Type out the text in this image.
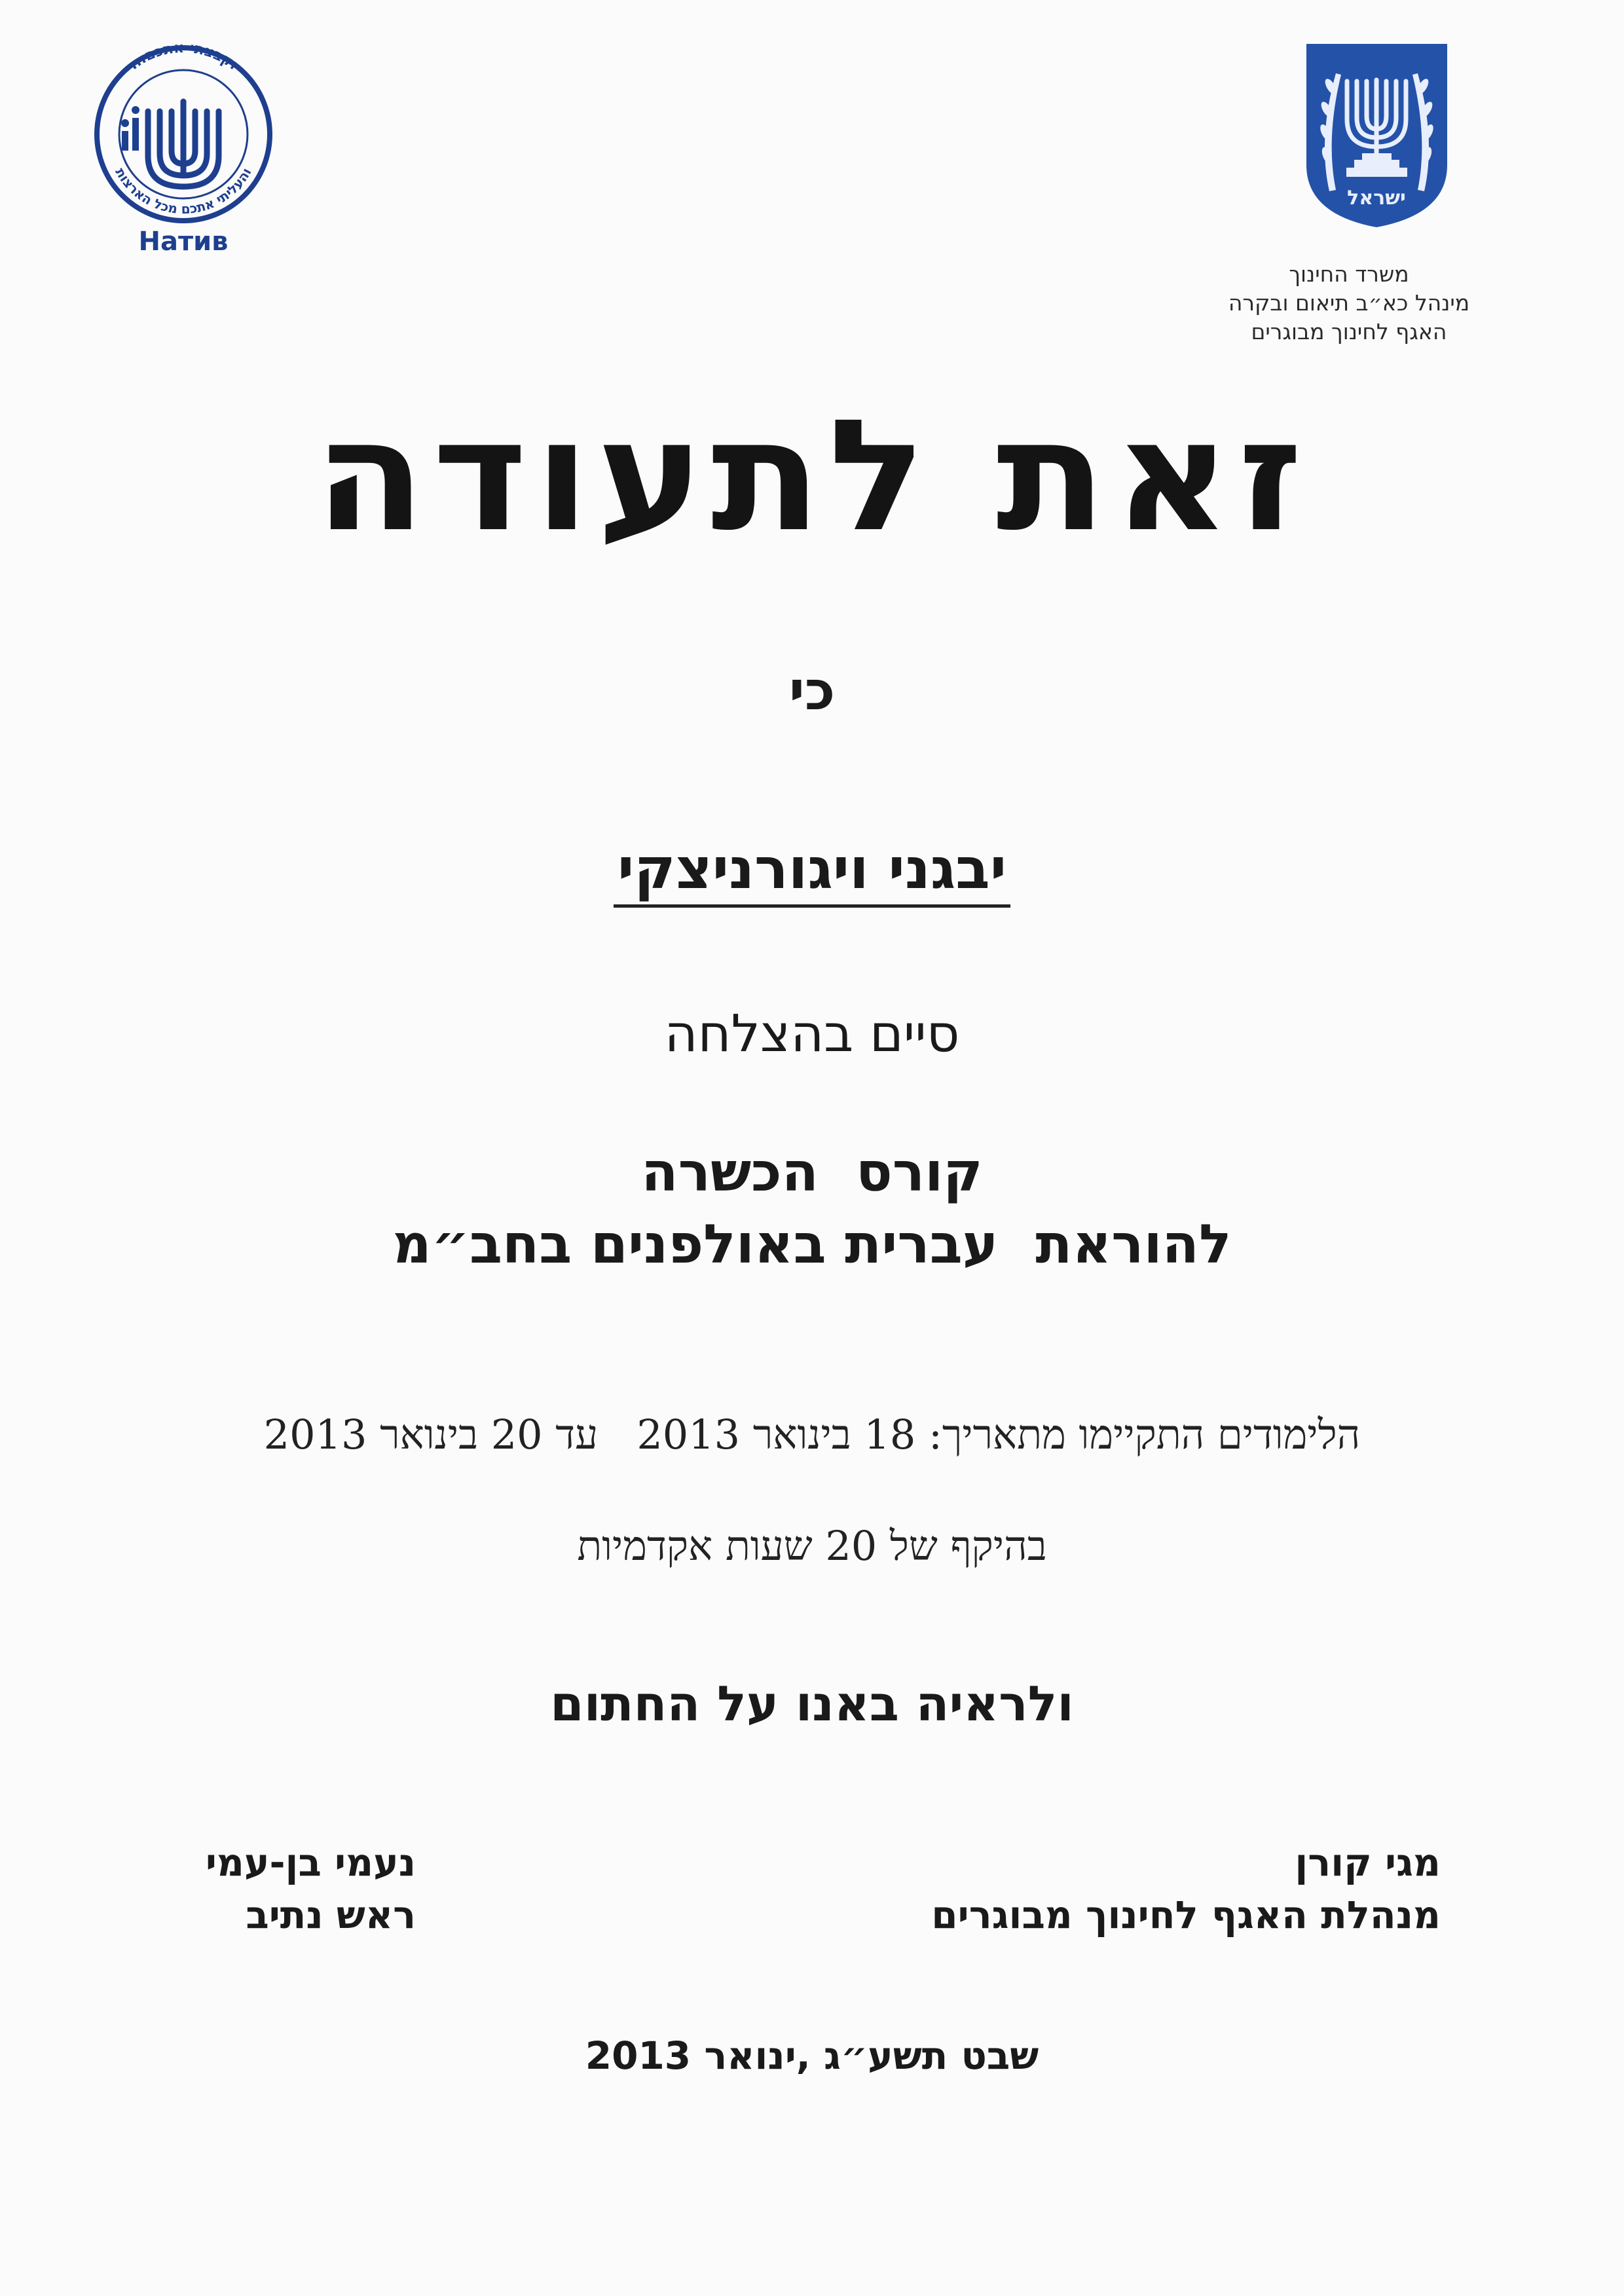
...וקבצתי אתכם
והעליתי אתכם מכל הארצות
Натив
ישראל
משרד החינוך
מינהל כא״ב תיאום ובקרה
האגף לחינוך מבוגרים
זאת לתעודה
כי
יבגני ויגורניצקי
סיים בהצלחה
קורס  הכשרה
להוראת  עברית באולפנים בחב״מ
הלימודים התקיימו מתאריך: 18 בינואר 2013   עד 20 בינואר 2013
בהיקף של 20 שעות אקדמיות
ולראיה באנו על החתום
מגי קורן
מנהלת האגף לחינוך מבוגרים
נעמי בן-עמי
ראש נתיב
שבט תשע״ג ,ינואר 2013
